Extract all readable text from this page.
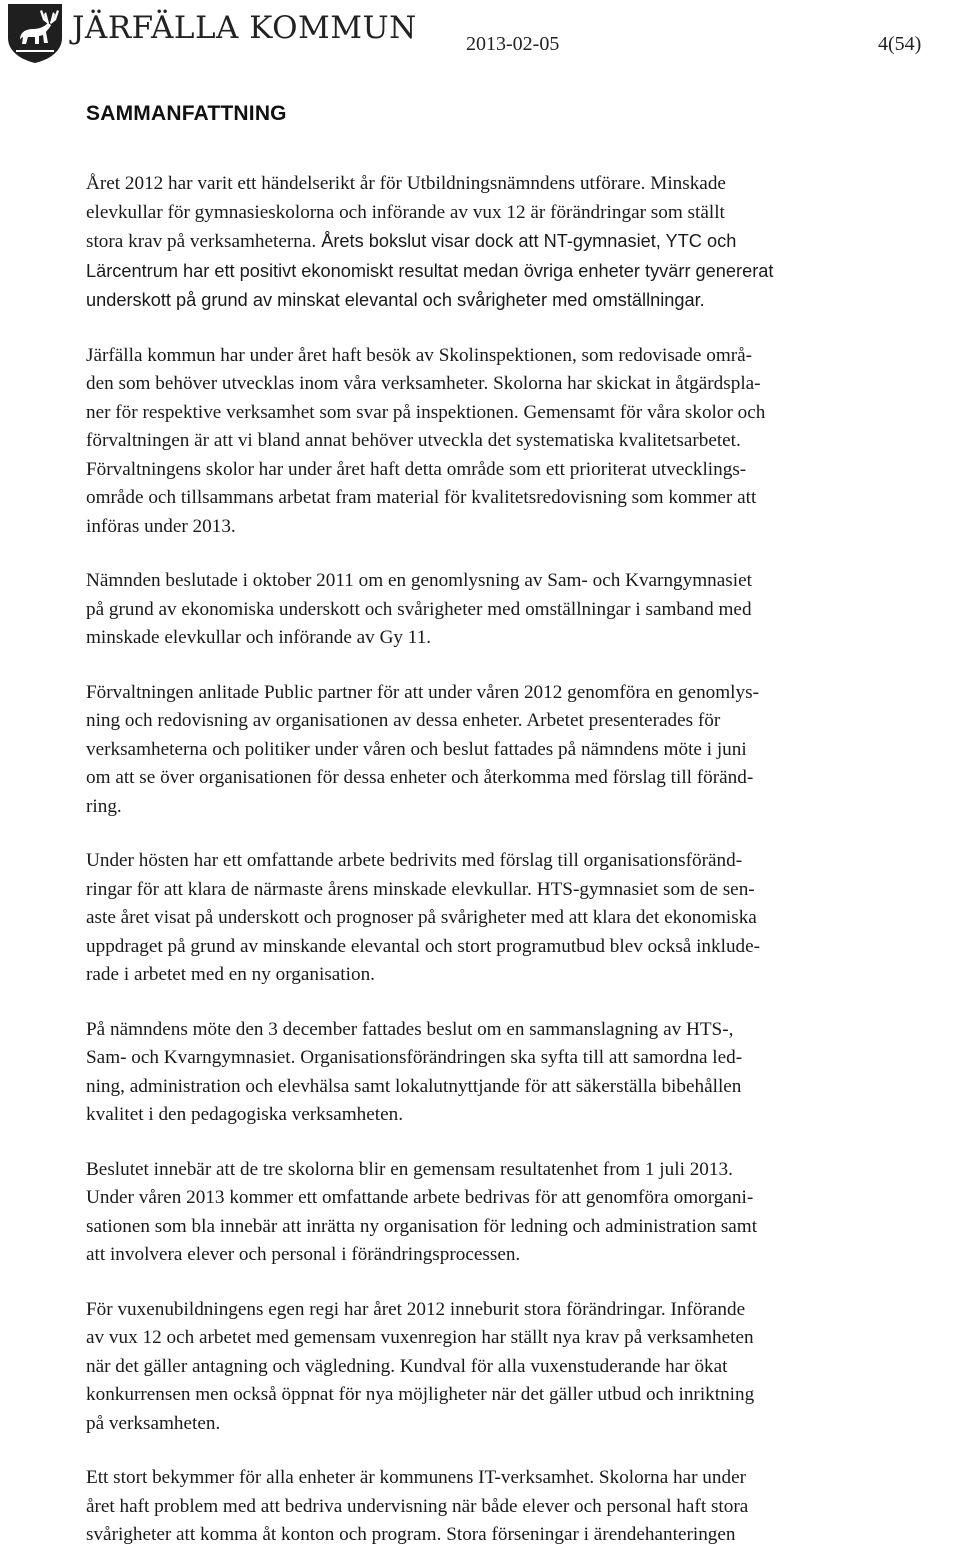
JÄRFÄLLA KOMMUN 2013-02-05	4(54)
SAMMANFATTNING

Året 2012 har varit ett händelserikt år för Utbildningsnämndens utförare. Minskade
elevkullar för gymnasieskolorna och införande av vux 12 är förändringar som ställt
stora krav på verksamheterna. Årets bokslut visar dock att NT-gymnasiet, YTC och
Lärcentrum har ett positivt ekonomiskt resultat medan övriga enheter tyvärr genererat
underskott på grund av minskat elevantal och svårigheter med omställningar.

Järfälla kommun har under året haft besök av Skolinspektionen, som redovisade områ-
den som behöver utvecklas inom våra verksamheter. Skolorna har skickat in åtgärdspla-
ner för respektive verksamhet som svar på inspektionen. Gemensamt för våra skolor och
förvaltningen är att vi bland annat behöver utveckla det systematiska kvalitetsarbetet.
Förvaltningens skolor har under året haft detta område som ett prioriterat utvecklings-
område och tillsammans arbetat fram material för kvalitetsredovisning som kommer att
införas under 2013.

Nämnden beslutade i oktober 2011 om en genomlysning av Sam- och Kvarngymnasiet
på grund av ekonomiska underskott och svårigheter med omställningar i samband med
minskade elevkullar och införande av Gy 11.

Förvaltningen anlitade Public partner för att under våren 2012 genomföra en genomlys-
ning och redovisning av organisationen av dessa enheter. Arbetet presenterades för
verksamheterna och politiker under våren och beslut fattades på nämndens möte i juni
om att se över organisationen för dessa enheter och återkomma med förslag till föränd-
ring.

Under hösten har ett omfattande arbete bedrivits med förslag till organisationsföränd-
ringar för att klara de närmaste årens minskade elevkullar. HTS-gymnasiet som de sen-
aste året visat på underskott och prognoser på svårigheter med att klara det ekonomiska
uppdraget på grund av minskande elevantal och stort programutbud blev också inklude-
rade i arbetet med en ny organisation.

På nämndens möte den 3 december fattades beslut om en sammanslagning av HTS-,
Sam- och Kvarngymnasiet. Organisationsförändringen ska syfta till att samordna led-
ning, administration och elevhälsa samt lokalutnyttjande för att säkerställa bibehållen
kvalitet i den pedagogiska verksamheten.

Beslutet innebär att de tre skolorna blir en gemensam resultatenhet from 1 juli 2013.
Under våren 2013 kommer ett omfattande arbete bedrivas för att genomföra omorgani-
sationen som bla innebär att inrätta ny organisation för ledning och administration samt
att involvera elever och personal i förändringsprocessen.

För vuxenubildningens egen regi har året 2012 inneburit stora förändringar. Införande
av vux 12 och arbetet med gemensam vuxenregion har ställt nya krav på verksamheten
när det gäller antagning och vägledning. Kundval för alla vuxenstuderande har ökat
konkurrensen men också öppnat för nya möjligheter när det gäller utbud och inriktning
på verksamheten.

Ett stort bekymmer för alla enheter är kommunens IT-verksamhet. Skolorna har under
året haft problem med att bedriva undervisning när både elever och personal haft stora
svårigheter att komma åt konton och program. Stora förseningar i ärendehanteringen
